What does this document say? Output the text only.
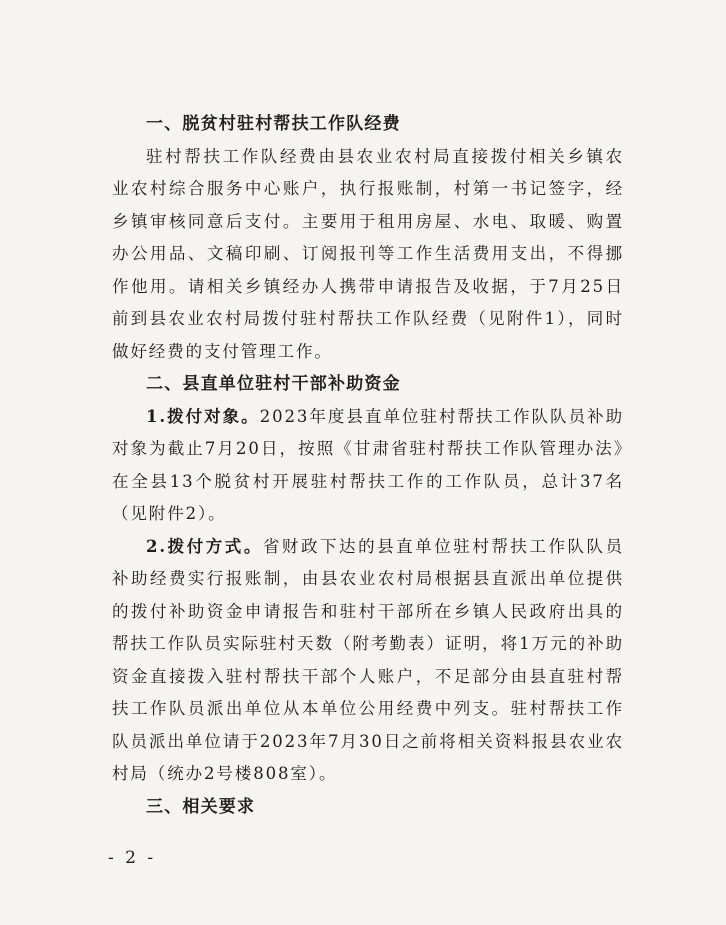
一、脱贫村驻村帮扶工作队经费

驻村帮扶工作队经费由县农业农村局直接拨付相关乡镇农业农村综合服务中心账户，执行报账制，村第一书记签字，经乡镇审核同意后支付。主要用于租用房屋、水电、取暖、购置办公用品、文稿印刷、订阅报刊等工作生活费用支出，不得挪作他用。请相关乡镇经办人携带申请报告及收据，于7月25日前到县农业农村局拨付驻村帮扶工作队经费（见附件1），同时做好经费的支付管理工作。

二、县直单位驻村干部补助资金

1.拨付对象。2023年度县直单位驻村帮扶工作队队员补助对象为截止7月20日，按照《甘肃省驻村帮扶工作队管理办法》在全县13个脱贫村开展驻村帮扶工作的工作队员，总计37名（见附件2）。

2.拨付方式。省财政下达的县直单位驻村帮扶工作队队员补助经费实行报账制，由县农业农村局根据县直派出单位提供的拨付补助资金申请报告和驻村干部所在乡镇人民政府出具的帮扶工作队员实际驻村天数（附考勤表）证明，将1万元的补助资金直接拨入驻村帮扶干部个人账户，不足部分由县直驻村帮扶工作队员派出单位从本单位公用经费中列支。驻村帮扶工作队员派出单位请于2023年7月30日之前将相关资料报县农业农村局（统办2号楼808室）。

三、相关要求
- 2 -
